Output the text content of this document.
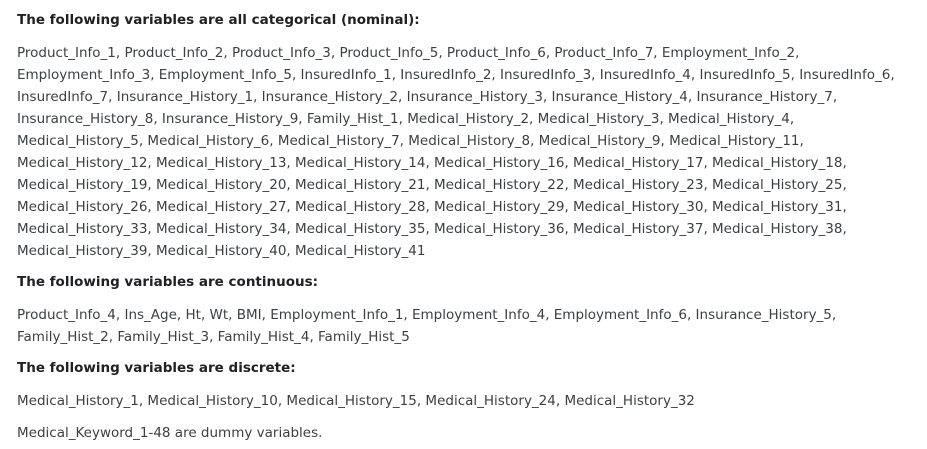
The following variables are all categorical (nominal):

Product_Info_1, Product_Info_2, Product_Info_3, Product_Info_5, Product_Info_6, Product_Info_7, Employment_Info_2, Employment_Info_3, Employment_Info_5, InsuredInfo_1, InsuredInfo_2, InsuredInfo_3, InsuredInfo_4, InsuredInfo_5, InsuredInfo_6, InsuredInfo_7, Insurance_History_1, Insurance_History_2, Insurance_History_3, Insurance_History_4, Insurance_History_7, Insurance_History_8, Insurance_History_9, Family_Hist_1, Medical_History_2, Medical_History_3, Medical_History_4, Medical_History_5, Medical_History_6, Medical_History_7, Medical_History_8, Medical_History_9, Medical_History_11, Medical_History_12, Medical_History_13, Medical_History_14, Medical_History_16, Medical_History_17, Medical_History_18, Medical_History_19, Medical_History_20, Medical_History_21, Medical_History_22, Medical_History_23, Medical_History_25, Medical_History_26, Medical_History_27, Medical_History_28, Medical_History_29, Medical_History_30, Medical_History_31, Medical_History_33, Medical_History_34, Medical_History_35, Medical_History_36, Medical_History_37, Medical_History_38, Medical_History_39, Medical_History_40, Medical_History_41

The following variables are continuous:

Product_Info_4, Ins_Age, Ht, Wt, BMI, Employment_Info_1, Employment_Info_4, Employment_Info_6, Insurance_History_5, Family_Hist_2, Family_Hist_3, Family_Hist_4, Family_Hist_5

The following variables are discrete:

Medical_History_1, Medical_History_10, Medical_History_15, Medical_History_24, Medical_History_32

Medical_Keyword_1-48 are dummy variables.
